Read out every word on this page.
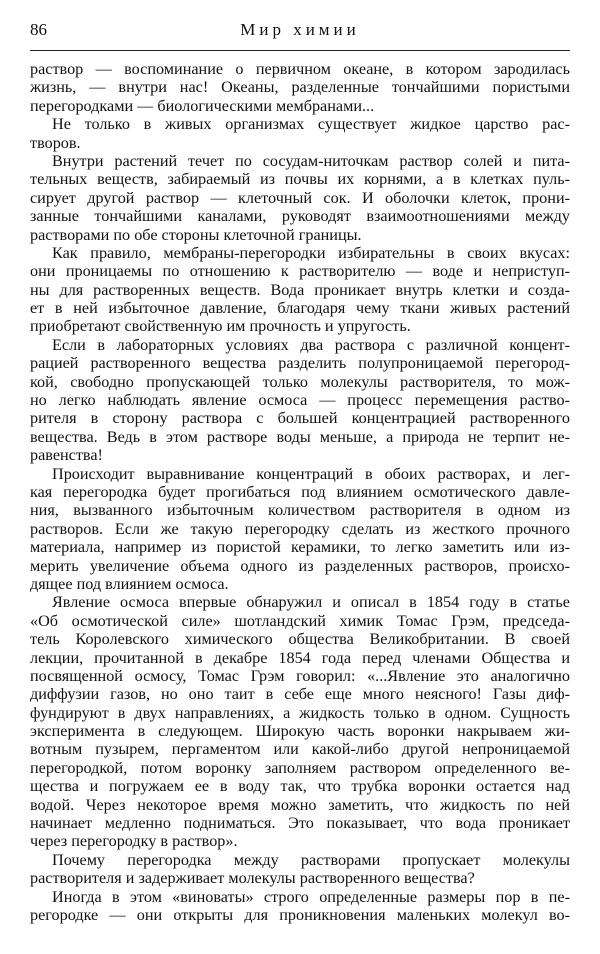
86	Мир химии
раствор — воспоминание о первичном океане, в котором зародилась
жизнь, — внутри нас! Океаны, разделенные тончайшими пористыми
перегородками — биологическими мембранами...
Не только в живых организмах существует жидкое царство рас-
творов.
Внутри растений течет по сосудам-ниточкам раствор солей и пита-
тельных веществ, забираемый из почвы их корнями, а в клетках пуль-
сирует другой раствор — клеточный сок. И оболочки клеток, прони-
занные тончайшими каналами, руководят взаимоотношениями между
растворами по обе стороны клеточной границы.
Как правило, мембраны-перегородки избирательны в своих вкусах:
они проницаемы по отношению к растворителю — воде и неприступ-
ны для растворенных веществ. Вода проникает внутрь клетки и созда-
ет в ней избыточное давление, благодаря чему ткани живых растений
приобретают свойственную им прочность и упругость.
Если в лабораторных условиях два раствора с различной концент-
рацией растворенного вещества разделить полупроницаемой перегород-
кой, свободно пропускающей только молекулы растворителя, то мож-
но легко наблюдать явление осмоса — процесс перемещения раство-
рителя в сторону раствора с большей концентрацией растворенного
вещества. Ведь в этом растворе воды меньше, а природа не терпит не-
равенства!
Происходит выравнивание концентраций в обоих растворах, и лег-
кая перегородка будет прогибаться под влиянием осмотического давле-
ния, вызванного избыточным количеством растворителя в одном из
растворов. Если же такую перегородку сделать из жесткого прочного
материала, например из пористой керамики, то легко заметить или из-
мерить увеличение объема одного из разделенных растворов, происхо-
дящее под влиянием осмоса.
Явление осмоса впервые обнаружил и описал в 1854 году в статье
«Об осмотической силе» шотландский химик Томас Грэм, председа-
тель Королевского химического общества Великобритании. В своей
лекции, прочитанной в декабре 1854 года перед членами Общества и
посвященной осмосу, Томас Грэм говорил: «...Явление это аналогично
диффузии газов, но оно таит в себе еще много неясного! Газы диф-
фундируют в двух направлениях, а жидкость только в одном. Сущность
эксперимента в следующем. Широкую часть воронки накрываем жи-
вотным пузырем, пергаментом или какой-либо другой непроницаемой
перегородкой, потом воронку заполняем раствором определенного ве-
щества и погружаем ее в воду так, что трубка воронки остается над
водой. Через некоторое время можно заметить, что жидкость по ней
начинает медленно подниматься. Это показывает, что вода проникает
через перегородку в раствор».
Почему перегородка между растворами пропускает молекулы
растворителя и задерживает молекулы растворенного вещества?
Иногда в этом «виноваты» строго определенные размеры пор в пе-
регородке — они открыты для проникновения маленьких молекул во-
